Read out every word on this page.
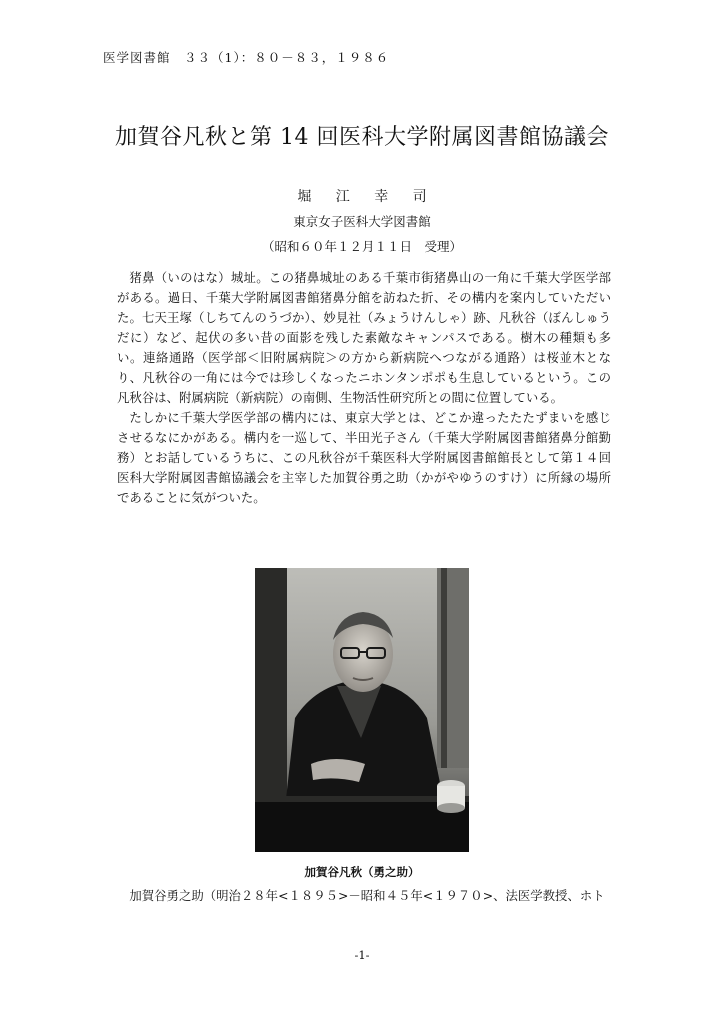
医学図書館　３３（1）：８０－８３，１９８６
加賀谷凡秋と第 14 回医科大学附属図書館協議会
堀 江 幸 司
東京女子医科大学図書館
（昭和６０年１２月１１日　受理）

猪鼻（いのはな）城址。この猪鼻城址のある千葉市街猪鼻山の一角に千葉大学医学部がある。過日、千葉大学附属図書館猪鼻分館を訪ねた折、その構内を案内していただいた。七天王塚（しちてんのうづか）、妙見社（みょうけんしゃ）跡、凡秋谷（ぼんしゅうだに）など、起伏の多い昔の面影を残した素敵なキャンパスである。樹木の種類も多い。連絡通路（医学部＜旧附属病院＞の方から新病院へつながる通路）は桜並木となり、凡秋谷の一角には今では珍しくなったニホンタンポポも生息しているという。この凡秋谷は、附属病院（新病院）の南側、生物活性研究所との間に位置している。

たしかに千葉大学医学部の構内には、東京大学とは、どこか違ったたたずまいを感じさせるなにかがある。構内を一巡して、半田光子さん（千葉大学附属図書館猪鼻分館勤務）とお話しているうちに、この凡秋谷が千葉医科大学附属図書館館長として第１４回医科大学附属図書館協議会を主宰した加賀谷勇之助（かがやゆうのすけ）に所縁の場所であることに気がついた。

加賀谷凡秋（勇之助）
加賀谷勇之助（明治２８年<１８９５>－昭和４５年<１９７０>、法医学教授、ホト
-1-
